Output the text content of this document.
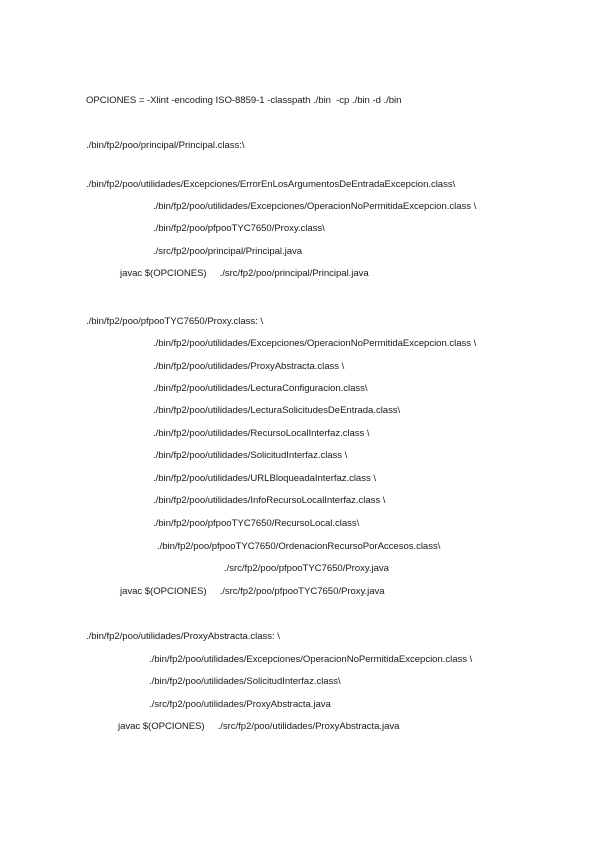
OPCIONES = -Xlint -encoding ISO-8859-1 -classpath ./bin  -cp ./bin -d ./bin
./bin/fp2/poo/principal/Principal.class:\
./bin/fp2/poo/utilidades/Excepciones/ErrorEnLosArgumentosDeEntradaExcepcion.class\
./bin/fp2/poo/utilidades/Excepciones/OperacionNoPermitidaExcepcion.class \
./bin/fp2/poo/pfpooTYC7650/Proxy.class\
./src/fp2/poo/principal/Principal.java
javac $(OPCIONES)     ./src/fp2/poo/principal/Principal.java
./bin/fp2/poo/pfpooTYC7650/Proxy.class: \
./bin/fp2/poo/utilidades/Excepciones/OperacionNoPermitidaExcepcion.class \
./bin/fp2/poo/utilidades/ProxyAbstracta.class \
./bin/fp2/poo/utilidades/LecturaConfiguracion.class\
./bin/fp2/poo/utilidades/LecturaSolicitudesDeEntrada.class\
./bin/fp2/poo/utilidades/RecursoLocalInterfaz.class \
./bin/fp2/poo/utilidades/SolicitudInterfaz.class \
./bin/fp2/poo/utilidades/URLBloqueadaInterfaz.class \
./bin/fp2/poo/utilidades/InfoRecursoLocalInterfaz.class \
./bin/fp2/poo/pfpooTYC7650/RecursoLocal.class\
./bin/fp2/poo/pfpooTYC7650/OrdenacionRecursoPorAccesos.class\
./src/fp2/poo/pfpooTYC7650/Proxy.java
javac $(OPCIONES)     ./src/fp2/poo/pfpooTYC7650/Proxy.java
./bin/fp2/poo/utilidades/ProxyAbstracta.class: \
./bin/fp2/poo/utilidades/Excepciones/OperacionNoPermitidaExcepcion.class \
./bin/fp2/poo/utilidades/SolicitudInterfaz.class\
./src/fp2/poo/utilidades/ProxyAbstracta.java
javac $(OPCIONES)     ./src/fp2/poo/utilidades/ProxyAbstracta.java
